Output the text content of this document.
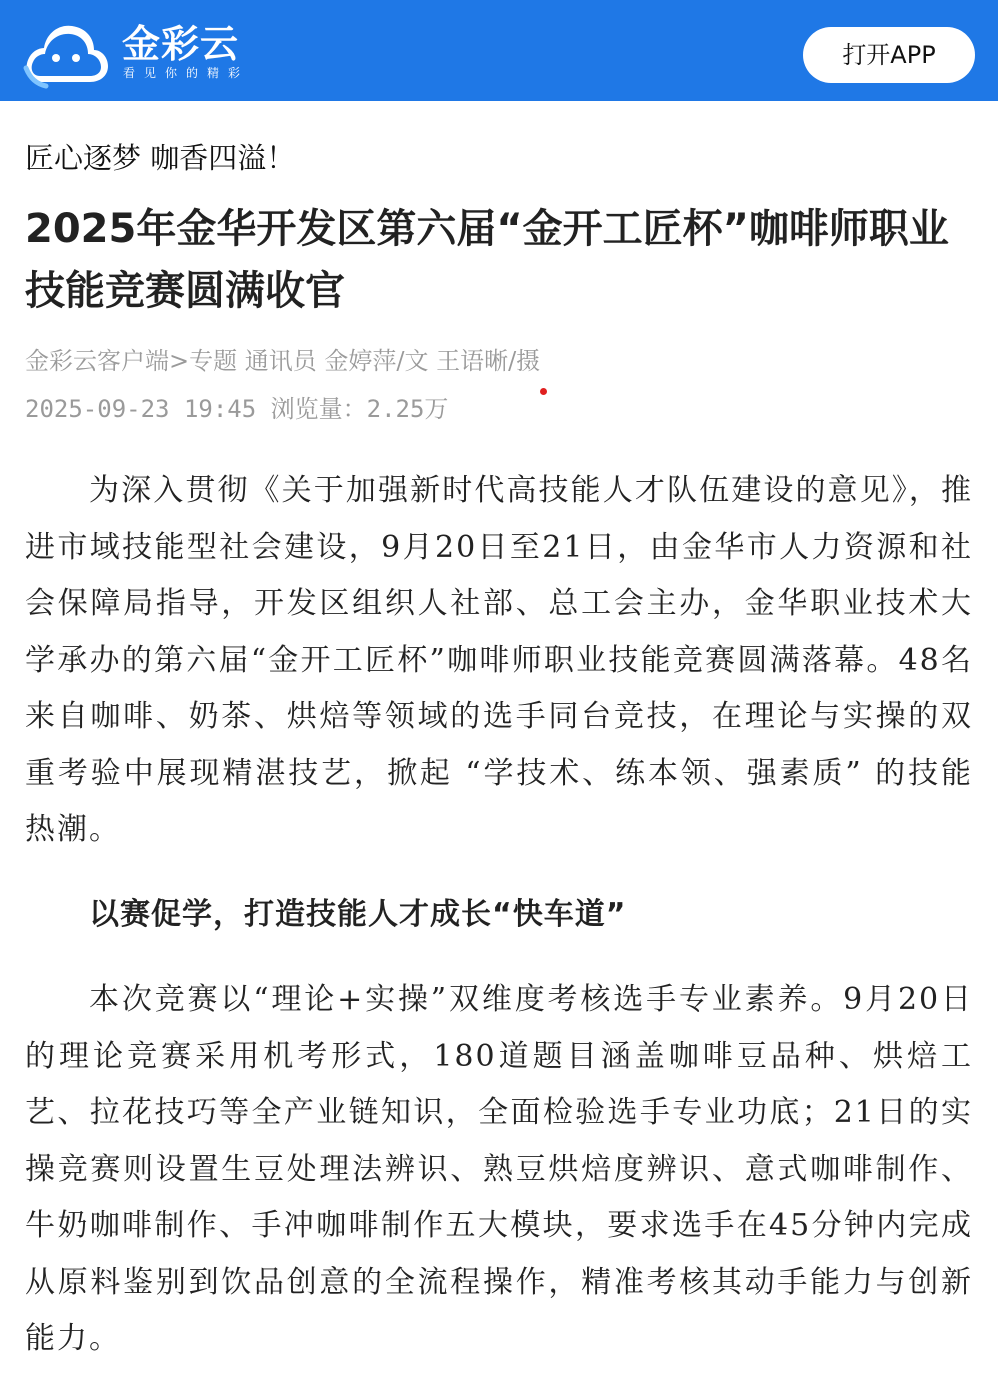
金彩云
看见你的精彩
打开APP
匠心逐梦 咖香四溢！
2025年金华开发区第六届“金开工匠杯”咖啡师职业技能竞赛圆满收官
金彩云客户端>专题 通讯员 金婷萍/文 王语晰/摄
2025-09-23 19:45 浏览量：2.25万

为深入贯彻《关于加强新时代高技能人才队伍建设的意见》，推进市域技能型社会建设，9月20日至21日，由金华市人力资源和社会保障局指导，开发区组织人社部、总工会主办，金华职业技术大学承办的第六届“金开工匠杯”咖啡师职业技能竞赛圆满落幕。48名来自咖啡、奶茶、烘焙等领域的选手同台竞技，在理论与实操的双重考验中展现精湛技艺，掀起 “学技术、练本领、强素质” 的技能热潮。

以赛促学，打造技能人才成长“快车道”

本次竞赛以“理论+实操”双维度考核选手专业素养。9月20日的理论竞赛采用机考形式，180道题目涵盖咖啡豆品种、烘焙工艺、拉花技巧等全产业链知识，全面检验选手专业功底；21日的实操竞赛则设置生豆处理法辨识、熟豆烘焙度辨识、意式咖啡制作、牛奶咖啡制作、手冲咖啡制作五大模块，要求选手在45分钟内完成从原料鉴别到饮品创意的全流程操作，精准考核其动手能力与创新能力。
